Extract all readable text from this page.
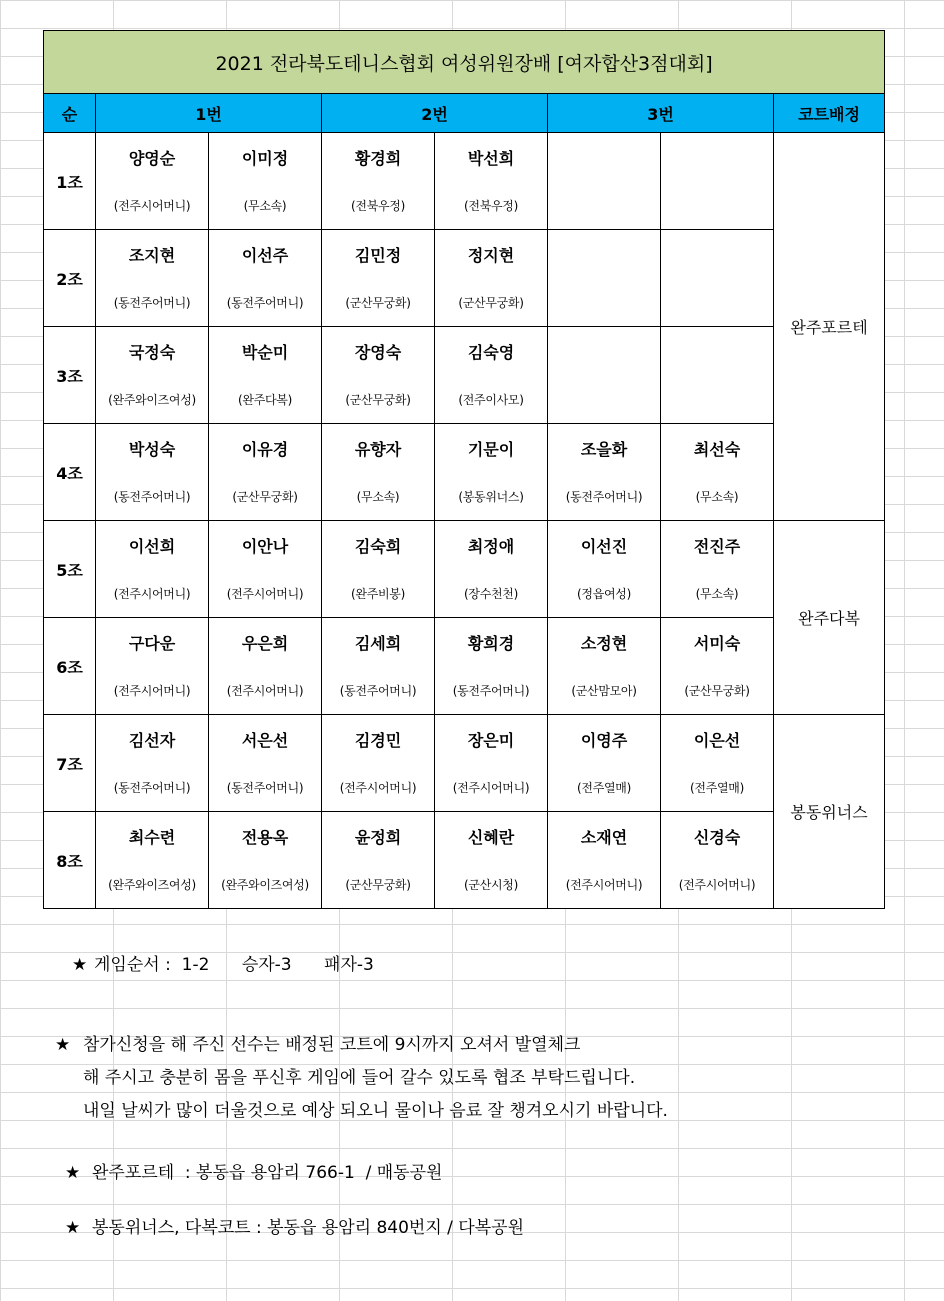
2021 전라북도테니스협회 여성위원장배 [여자합산3점대회]							
순	1번		2번		3번		코트배정
1조	양영순	이미정	황경희	박선희			완주포르테
	(전주시어머니)	(무소속)	(전북우정)	(전북우정)			
2조	조지현	이선주	김민정	정지현			
	(동전주어머니)	(동전주어머니)	(군산무궁화)	(군산무궁화)			
3조	국정숙	박순미	장영숙	김숙영			
	(완주와이즈여성)	(완주다복)	(군산무궁화)	(전주이사모)			
4조	박성숙	이유경	유향자	기문이	조을화	최선숙	
	(동전주어머니)	(군산무궁화)	(무소속)	(봉동위너스)	(동전주어머니)	(무소속)	
5조	이선희	이안나	김숙희	최정애	이선진	전진주	완주다복
	(전주시어머니)	(전주시어머니)	(완주비봉)	(장수천천)	(정읍여성)	(무소속)	
6조	구다운	우은희	김세희	황희경	소정현	서미숙	
	(전주시어머니)	(전주시어머니)	(동전주어머니)	(동전주어머니)	(군산맘모아)	(군산무궁화)	
7조	김선자	서은선	김경민	장은미	이영주	이은선	봉동위너스
	(동전주어머니)	(동전주어머니)	(전주시어머니)	(전주시어머니)	(전주열매)	(전주열매)	
8조	최수련	전용옥	윤정희	신혜란	소재연	신경숙	
	(완주와이즈여성)	(완주와이즈여성)	(군산무궁화)	(군산시청)	(전주시어머니)	(전주시어머니)	
★ 게임순서 :  1-2      승자-3      패자-3
★ 참가신청을 해 주신 선수는 배정된 코트에 9시까지 오셔서 발열체크
해 주시고 충분히 몸을 푸신후 게임에 들어 갈수 있도록 협조 부탁드립니다.
내일 날씨가 많이 더울것으로 예상 되오니 물이나 음료 잘 챙겨오시기 바랍니다.
★ 완주포르테  : 봉동읍 용암리 766-1  / 매동공원
★ 봉동위너스, 다복코트 : 봉동읍 용암리 840번지 / 다복공원
